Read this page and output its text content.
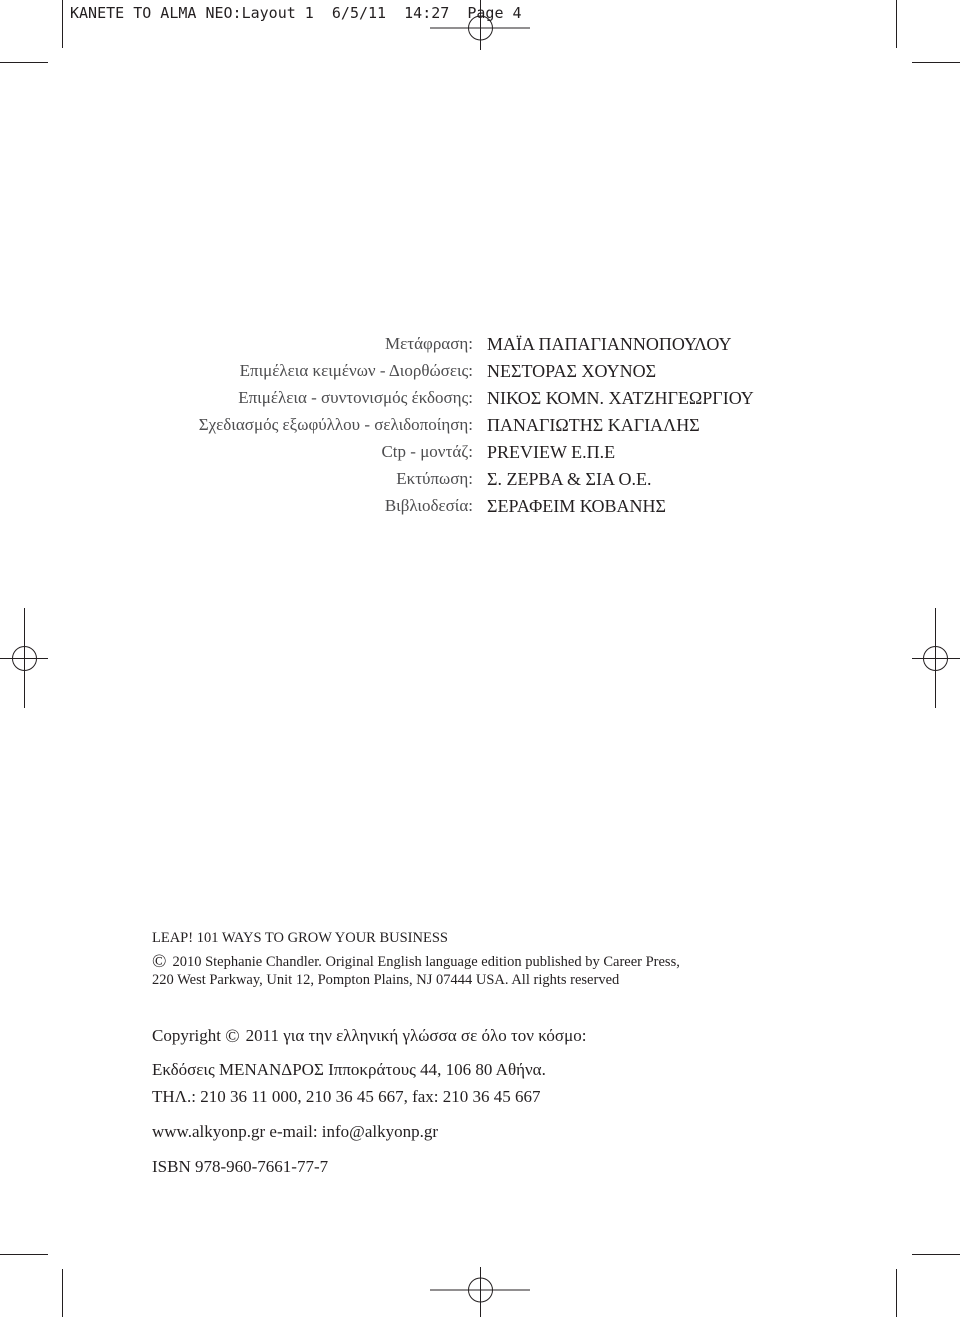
KANETE TO ALMA NEO:Layout 1 6/5/11 14:27 Page 4
Μετάφραση: ΜΑΪΑ ΠΑΠΑΓΙΑΝΝΟΠΟΥΛΟΥ
Επιμέλεια κειμένων - Διορθώσεις: ΝΕΣΤΟΡΑΣ ΧΟΥΝΟΣ
Επιμέλεια - συντονισμός έκδοσης: ΝΙΚΟΣ ΚΟΜΝ. ΧΑΤΖΗΓΕΩΡΓΙΟΥ
Σχεδιασμός εξωφύλλου - σελιδοποίηση: ΠΑΝΑΓΙΩΤΗΣ ΚΑΓΙΑΛΗΣ
Ctp - μοντάζ: PREVIEW Ε.Π.Ε
Εκτύπωση: Σ. ΖΕΡΒΑ & ΣΙΑ Ο.Ε.
Βιβλιοδεσία: ΣΕΡΑΦΕΙΜ ΚΟΒΑΝΗΣ
LEAP! 101 WAYS TO GROW YOUR BUSINESS
© 2010 Stephanie Chandler. Original English language edition published by Career Press,
220 West Parkway, Unit 12, Pompton Plains, NJ 07444 USA. All rights reserved
Copyright © 2011 για την ελληνική γλώσσα σε όλο τον κόσμο:
Εκδόσεις ΜΕΝΑΝΔΡΟΣ Ιπποκράτους 44, 106 80 Αθήνα.
ΤΗΛ.: 210 36 11 000, 210 36 45 667, fax: 210 36 45 667
www.alkyonp.gr e-mail: info@alkyonp.gr
ISBN 978-960-7661-77-7
